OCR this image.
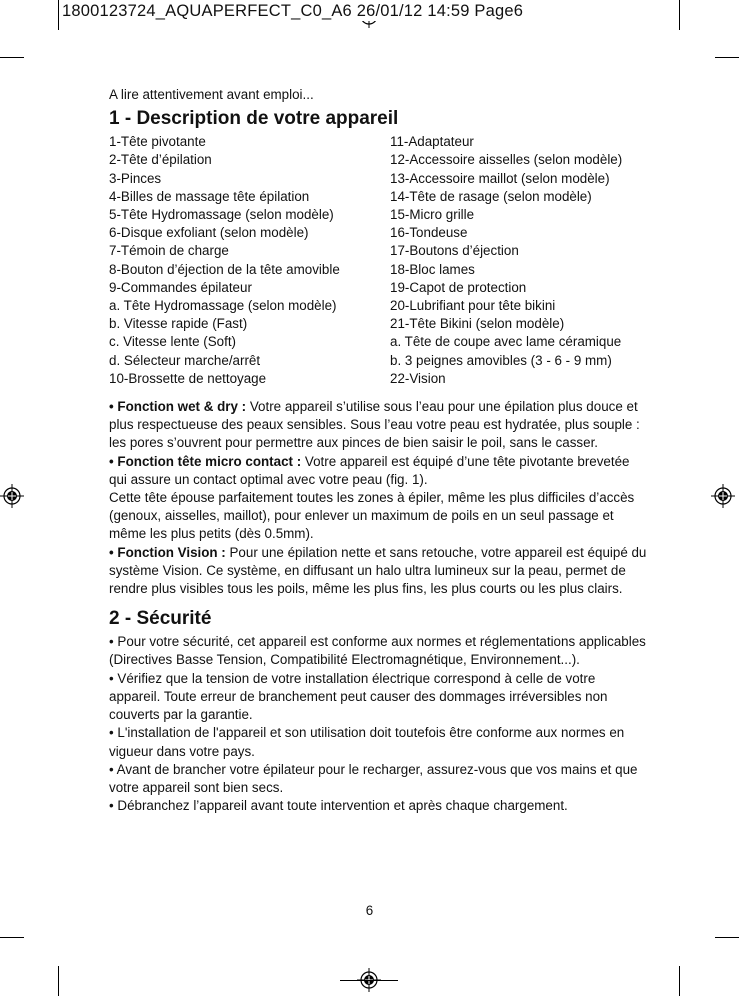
1800123724_AQUAPERFECT_C0_A6 26/01/12 14:59 Page6

A lire attentivement avant emploi...

1 - Description de votre appareil
1-Tête pivotante
2-Tête d’épilation
3-Pinces
4-Billes de massage tête épilation
5-Tête Hydromassage (selon modèle)
6-Disque exfoliant (selon modèle)
7-Témoin de charge
8-Bouton d’éjection de la tête amovible
9-Commandes épilateur
a. Tête Hydromassage (selon modèle)
b. Vitesse rapide (Fast)
c. Vitesse lente (Soft)
d. Sélecteur marche/arrêt
10-Brossette de nettoyage
11-Adaptateur
12-Accessoire aisselles (selon modèle)
13-Accessoire maillot (selon modèle)
14-Tête de rasage (selon modèle)
15-Micro grille
16-Tondeuse
17-Boutons d’éjection
18-Bloc lames
19-Capot de protection
20-Lubrifiant pour tête bikini
21-Tête Bikini (selon modèle)
a. Tête de coupe avec lame céramique
b. 3 peignes amovibles (3 - 6 - 9 mm)
22-Vision

• Fonction wet & dry : Votre appareil s’utilise sous l’eau pour une épilation plus douce et plus respectueuse des peaux sensibles. Sous l’eau votre peau est hydratée, plus souple : les pores s’ouvrent pour permettre aux pinces de bien saisir le poil, sans le casser.

• Fonction tête micro contact : Votre appareil est équipé d’une tête pivotante brevetée qui assure un contact optimal avec votre peau (fig. 1).

Cette tête épouse parfaitement toutes les zones à épiler, même les plus difficiles d’accès (genoux, aisselles, maillot), pour enlever un maximum de poils en un seul passage et même les plus petits (dès 0.5mm).

• Fonction Vision : Pour une épilation nette et sans retouche, votre appareil est équipé du système Vision. Ce système, en diffusant un halo ultra lumineux sur la peau, permet de rendre plus visibles tous les poils, même les plus fins, les plus courts ou les plus clairs.

2 - Sécurité

• Pour votre sécurité, cet appareil est conforme aux normes et réglementations applicables (Directives Basse Tension, Compatibilité Electromagnétique, Environnement...).

• Vérifiez que la tension de votre installation électrique correspond à celle de votre appareil. Toute erreur de branchement peut causer des dommages irréversibles non couverts par la garantie.

• L'installation de l'appareil et son utilisation doit toutefois être conforme aux normes en vigueur dans votre pays.

• Avant de brancher votre épilateur pour le recharger, assurez-vous que vos mains et que votre appareil sont bien secs.

• Débranchez l’appareil avant toute intervention et après chaque chargement.

6
